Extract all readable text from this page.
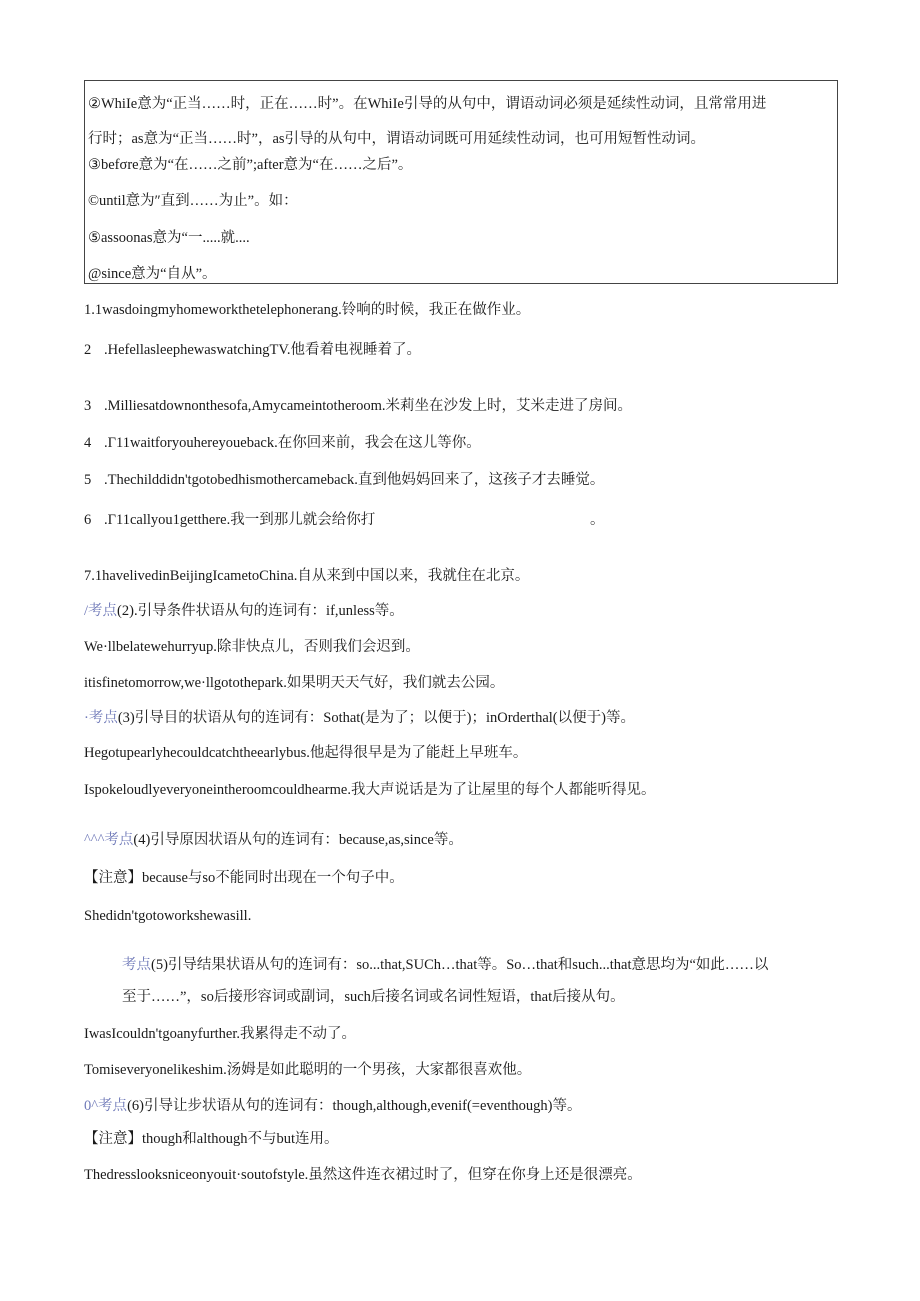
②WhiIe意为“正当……时，正在……时”。在WhiIe引导的从句中，谓语动词必须是延续性动词，且常常用进
行时；as意为“正当……时”，as引导的从句中，谓语动词既可用延续性动词，也可用短暂性动词。
③befσre意为“在……之前”;after意为“在……之后”。
©until意为″直到……为止”。如：
⑤assoonas意为“一.....就....
@since意为“自从”。
1.1wasdoingmyhomeworkthetelephonerang.铃响的时候，我正在做作业。
2 .HefellasleephewaswatchingTV.他看着电视睡着了。
3 .Milliesatdownonthesofa,Amycameintotheroom.米莉坐在沙发上时，艾米走进了房间。
4 .Γ11waitforyouhereyoueback.在你回来前，我会在这儿等你。
5 .Thechilddidn'tgotobedhismothercameback.直到他妈妈回来了，这孩子才去睡觉。
6 .Γ11callyou1getthere.我一到那儿就会给你打	。
7.1havelivedinBeijingIcametoChina.自从来到中国以来，我就住在北京。
/考点(2).引导条件状语从句的连词有：if,unless等。
We·llbelatewehurryup.除非快点儿，否则我们会迟到。
itisfinetomorrow,we·llgotothepark.如果明天天气好，我们就去公园。
·考点(3)引导目的状语从句的连词有：Sothat(是为了；以便于)；inOrderthal(以便于)等。
Hegotupearlyhecouldcatchtheearlybus.他起得很早是为了能赶上早班车。
Ispokeloudlyeveryoneintheroomcouldhearme.我大声说话是为了让屋里的每个人都能听得见。
^^^考点(4)引导原因状语从句的连词有：because,as,since等。
【注意】because与so不能同时出现在一个句子中。
Shedidn'tgotoworkshewasill.
考点(5)引导结果状语从句的连词有：so...that,SUCh…that等。So…that和such...that意思均为“如此……以
至于……”，so后接形容词或副词，such后接名词或名词性短语，that后接从句。
IwasIcouldn'tgoanyfurther.我累得走不动了。
Tomiseveryonelikeshim.汤姆是如此聪明的一个男孩，大家都很喜欢他。
0^考点(6)引导让步状语从句的连词有：though,although,evenif(=eventhough)等。
【注意】though和although不与but连用。
Thedresslooksniceonyouit·soutofstyle.虽然这件连衣裙过时了，但穿在你身上还是很漂亮。
